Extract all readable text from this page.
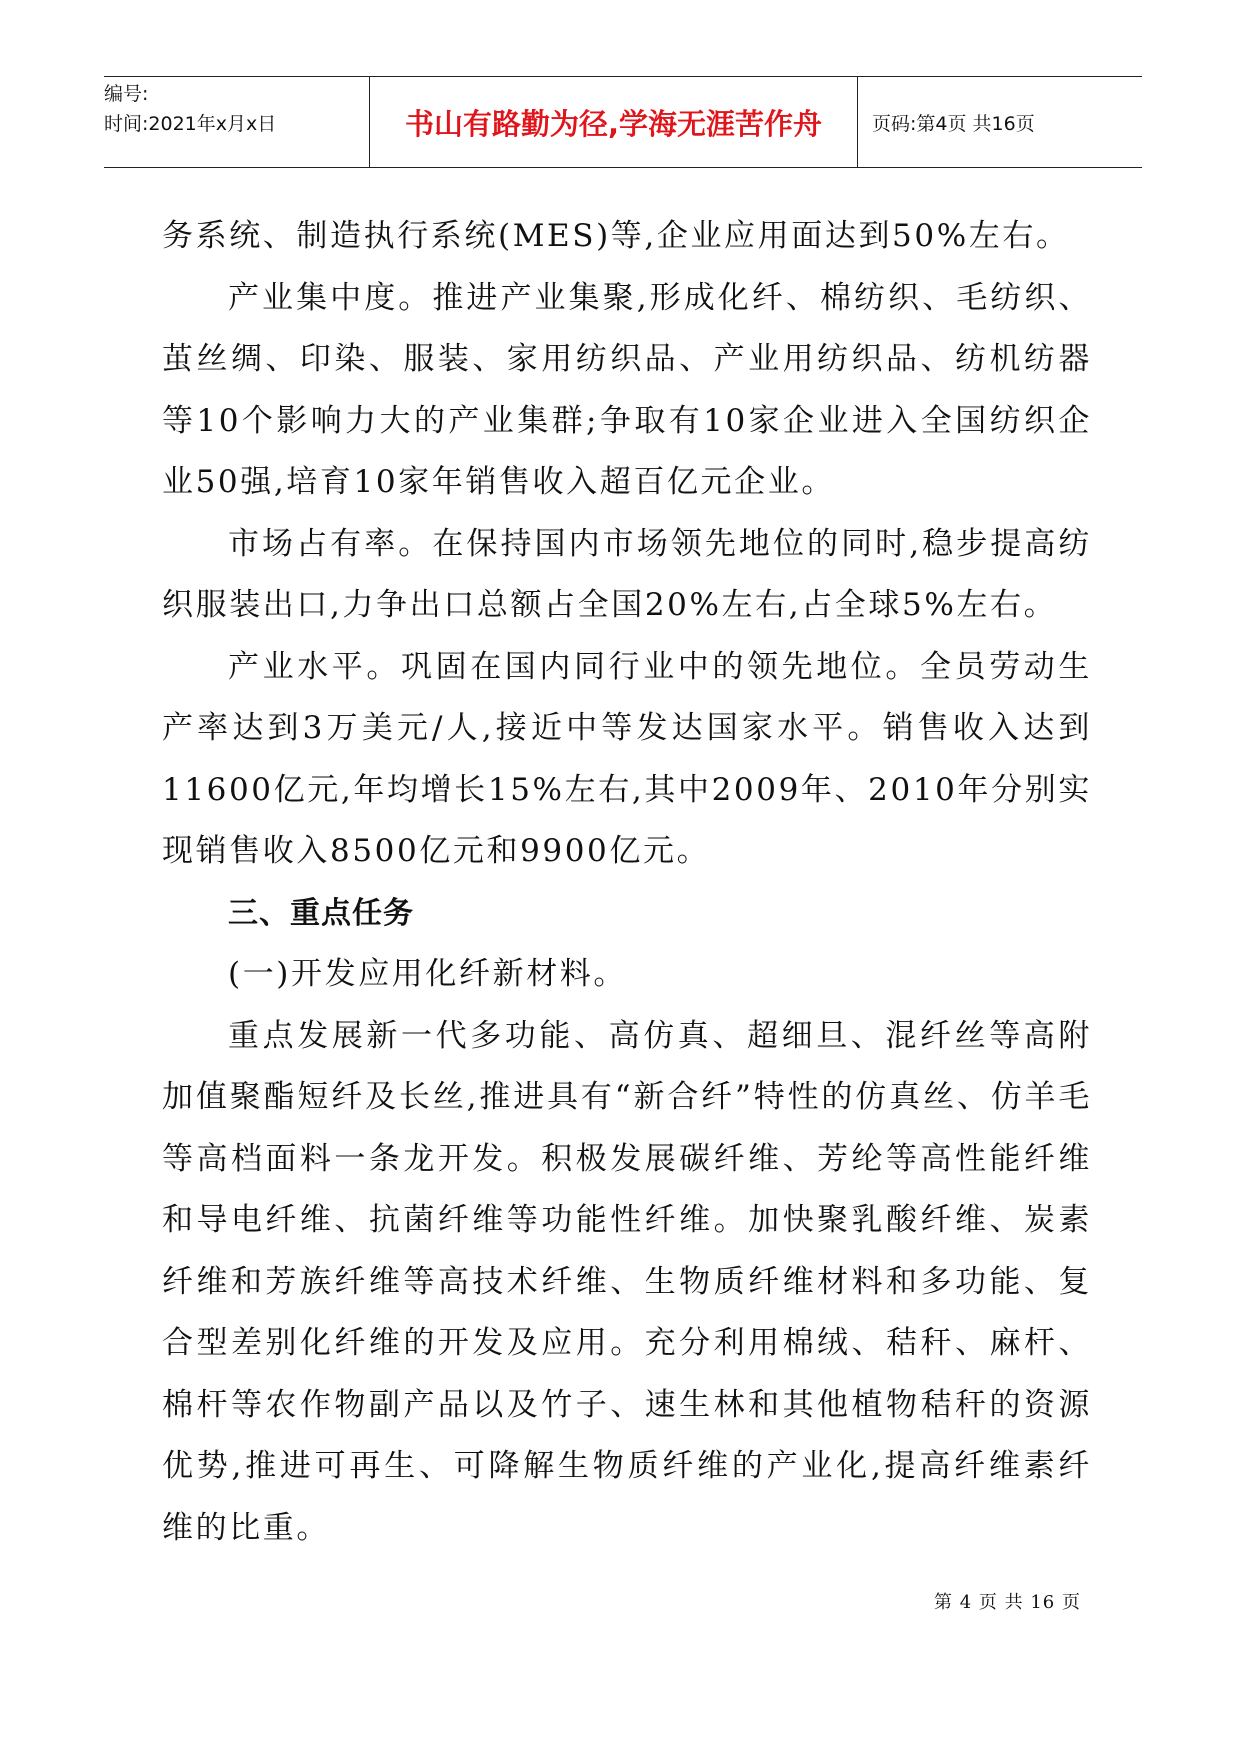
编号:
时间:2021年x月x日	书山有路勤为径,学海无涯苦作舟	页码:第4页 共16页

务系统、制造执行系统(MES)等,企业应用面达到50%左右。

产业集中度。推进产业集聚,形成化纤、棉纺织、毛纺织、茧丝绸、印染、服装、家用纺织品、产业用纺织品、纺机纺器等10个影响力大的产业集群;争取有10家企业进入全国纺织企业50强,培育10家年销售收入超百亿元企业。

市场占有率。在保持国内市场领先地位的同时,稳步提高纺织服装出口,力争出口总额占全国20%左右,占全球5%左右。

产业水平。巩固在国内同行业中的领先地位。全员劳动生产率达到3万美元/人,接近中等发达国家水平。销售收入达到11600亿元,年均增长15%左右,其中2009年、2010年分别实现销售收入8500亿元和9900亿元。

三、重点任务

(一)开发应用化纤新材料。

重点发展新一代多功能、高仿真、超细旦、混纤丝等高附加值聚酯短纤及长丝,推进具有“新合纤”特性的仿真丝、仿羊毛等高档面料一条龙开发。积极发展碳纤维、芳纶等高性能纤维和导电纤维、抗菌纤维等功能性纤维。加快聚乳酸纤维、炭素纤维和芳族纤维等高技术纤维、生物质纤维材料和多功能、复合型差别化纤维的开发及应用。充分利用棉绒、秸秆、麻杆、棉杆等农作物副产品以及竹子、速生林和其他植物秸秆的资源优势,推进可再生、可降解生物质纤维的产业化,提高纤维素纤维的比重。

第 4 页 共 16 页
